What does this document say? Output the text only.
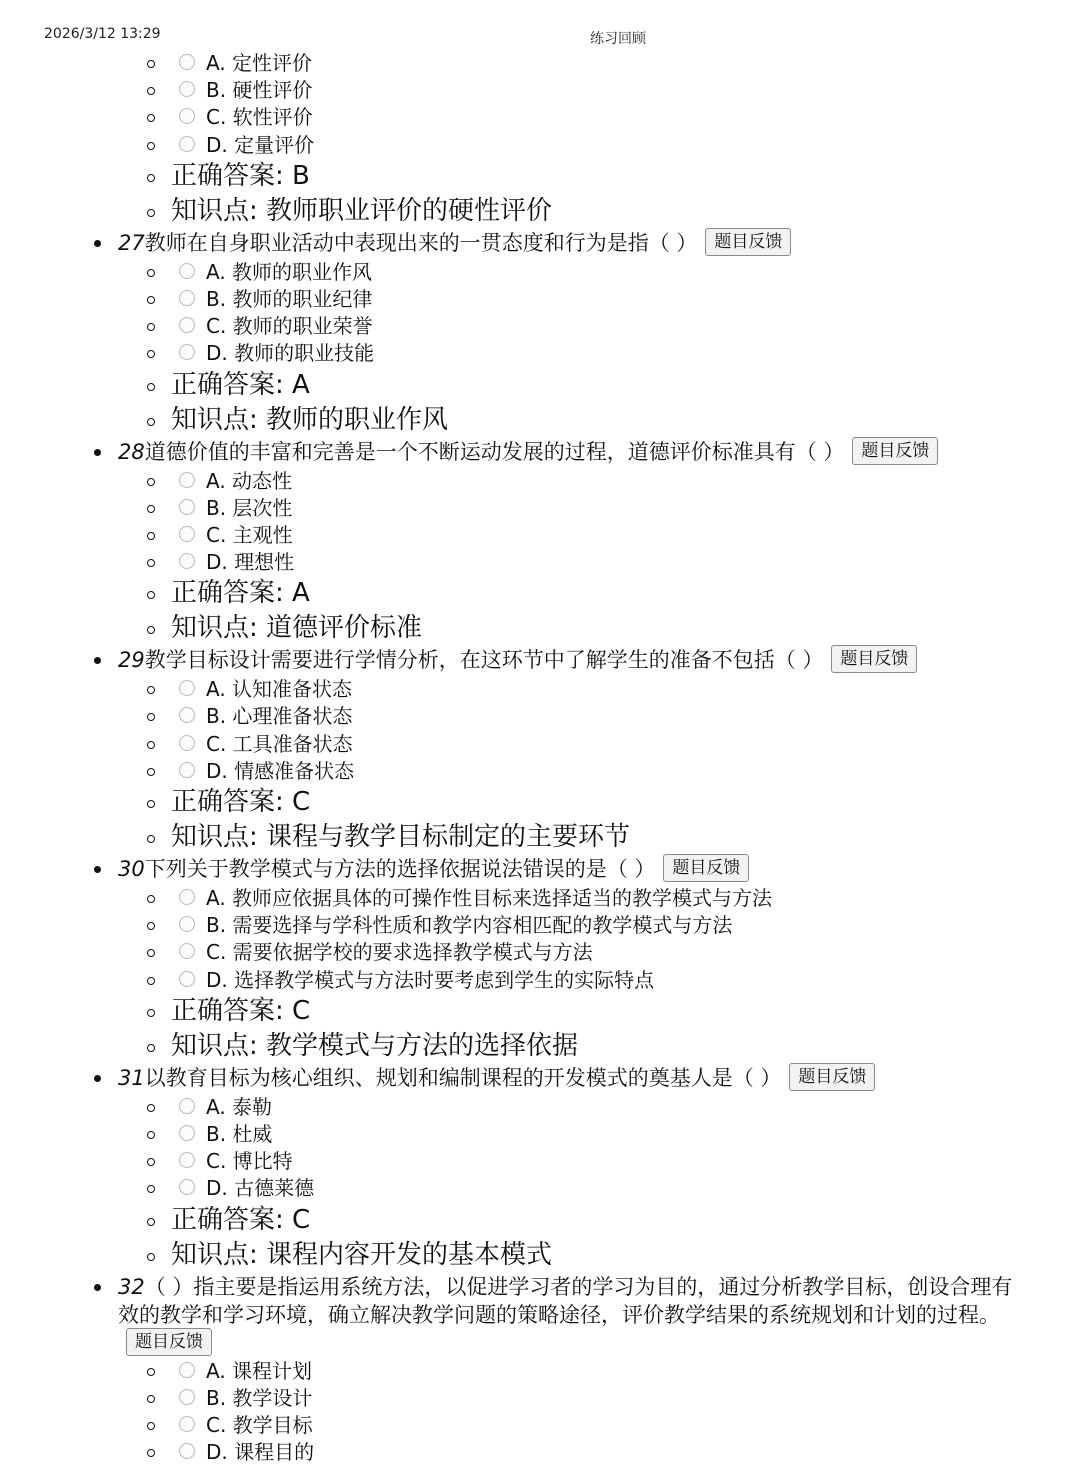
2026/3/12 13:29	练习回顾
A. 定性评价
B. 硬性评价
C. 软性评价
D. 定量评价
正确答案: B
知识点: 教师职业评价的硬性评价
27教师在自身职业活动中表现出来的一贯态度和行为是指（ ） 题目反馈
A. 教师的职业作风
B. 教师的职业纪律
C. 教师的职业荣誉
D. 教师的职业技能
正确答案: A
知识点: 教师的职业作风
28道德价值的丰富和完善是一个不断运动发展的过程，道德评价标准具有（ ） 题目反馈
A. 动态性
B. 层次性
C. 主观性
D. 理想性
正确答案: A
知识点: 道德评价标准
29教学目标设计需要进行学情分析，在这环节中了解学生的准备不包括（ ） 题目反馈
A. 认知准备状态
B. 心理准备状态
C. 工具准备状态
D. 情感准备状态
正确答案: C
知识点: 课程与教学目标制定的主要环节
30下列关于教学模式与方法的选择依据说法错误的是（ ） 题目反馈
A. 教师应依据具体的可操作性目标来选择适当的教学模式与方法
B. 需要选择与学科性质和教学内容相匹配的教学模式与方法
C. 需要依据学校的要求选择教学模式与方法
D. 选择教学模式与方法时要考虑到学生的实际特点
正确答案: C
知识点: 教学模式与方法的选择依据
31以教育目标为核心组织、规划和编制课程的开发模式的奠基人是（ ） 题目反馈
A. 泰勒
B. 杜威
C. 博比特
D. 古德莱德
正确答案: C
知识点: 课程内容开发的基本模式
32（ ）指主要是指运用系统方法，以促进学习者的学习为目的，通过分析教学目标，创设合理有效的教学和学习环境，确立解决教学问题的策略途径，评价教学结果的系统规划和计划的过程。题目反馈
A. 课程计划
B. 教学设计
C. 教学目标
D. 课程目的
